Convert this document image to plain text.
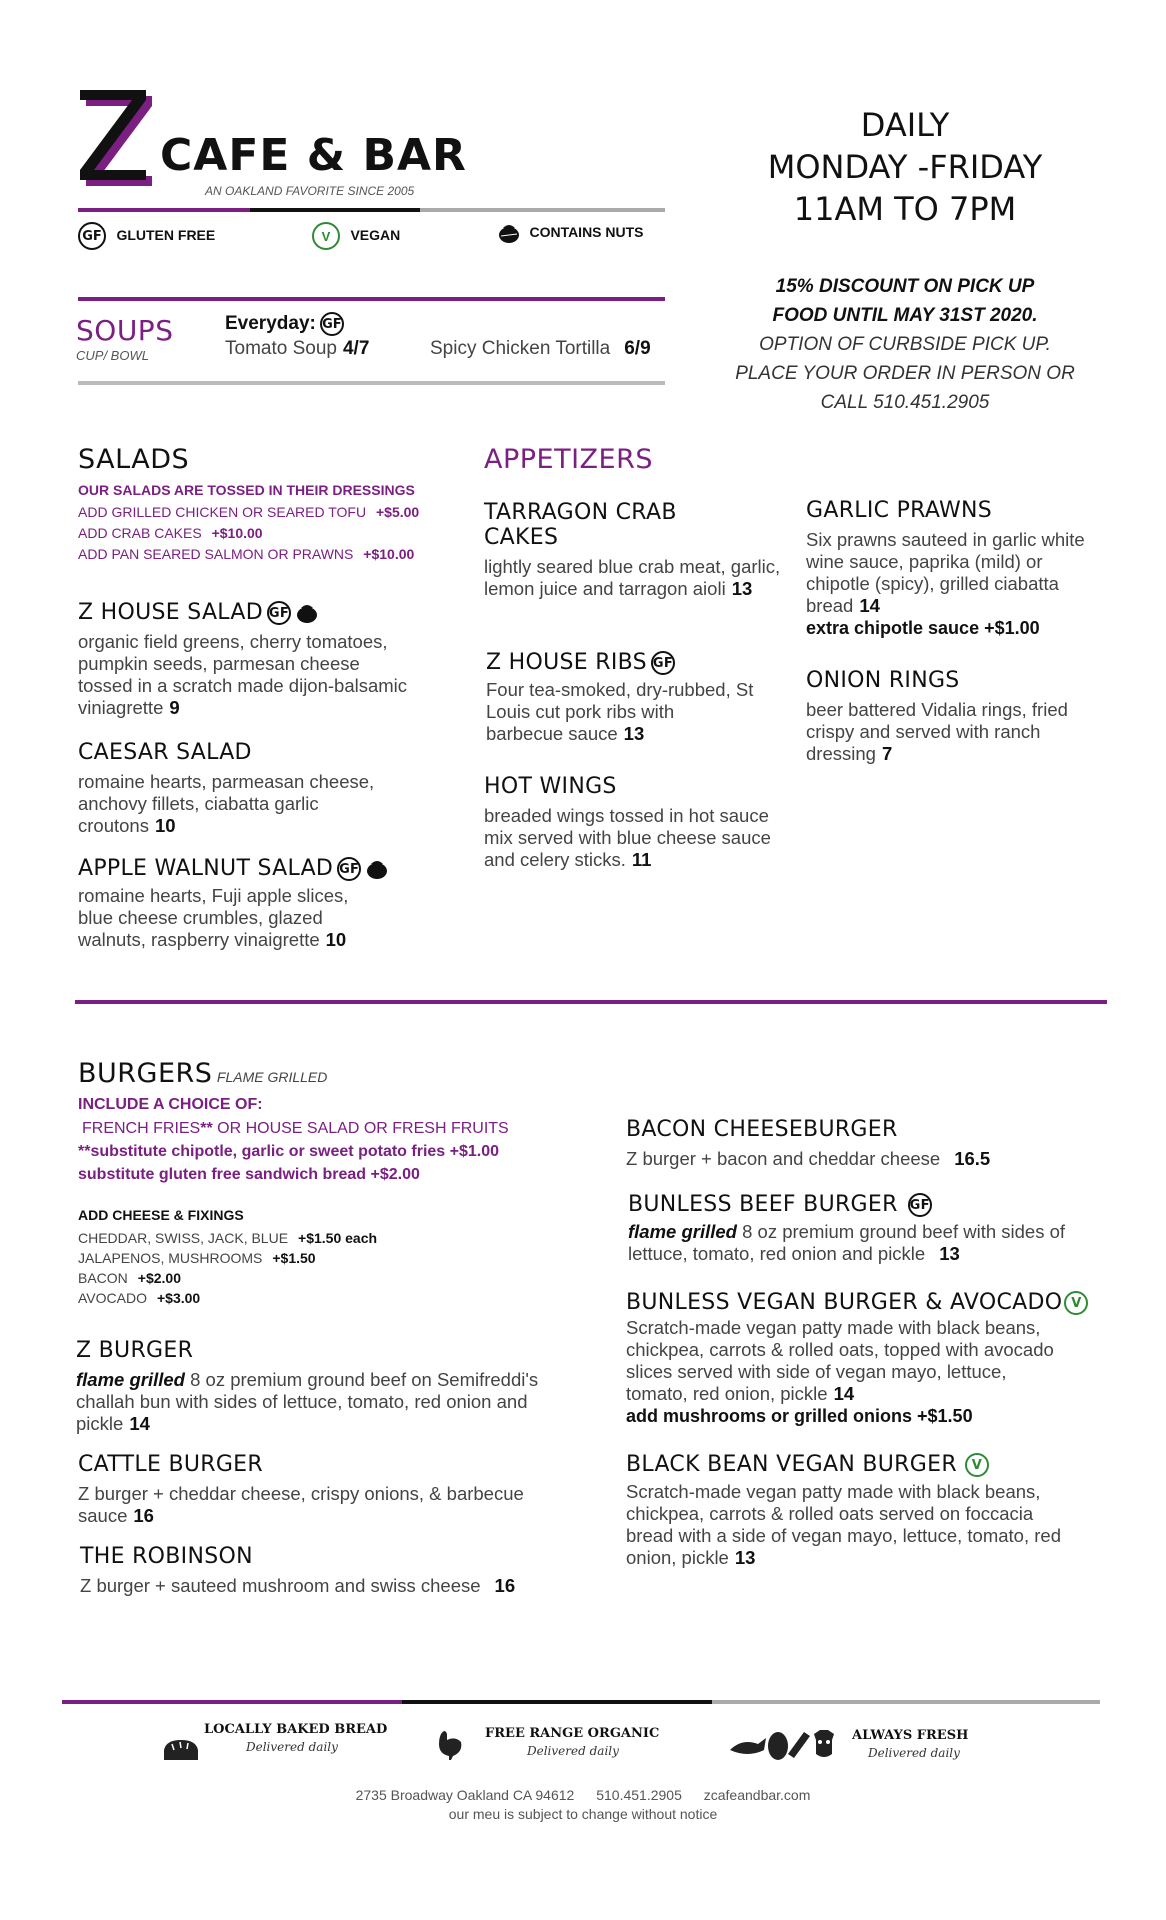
CAFE & BAR
AN OAKLAND FAVORITE SINCE 2005
GF GLUTEN FREE	V VEGAN	CONTAINS NUTS
DAILY
MONDAY -FRIDAY
11AM TO 7PM
15% DISCOUNT ON PICK UP
FOOD UNTIL MAY 31ST 2020.
OPTION OF CURBSIDE PICK UP.
PLACE YOUR ORDER IN PERSON OR
CALL 510.451.2905
SOUPS
CUP/ BOWL
Everyday: GF
Tomato Soup 4/7	Spicy Chicken Tortilla 6/9
SALADS
OUR SALADS ARE TOSSED IN THEIR DRESSINGS
ADD GRILLED CHICKEN OR SEARED TOFU +$5.00
ADD CRAB CAKES +$10.00
ADD PAN SEARED SALMON OR PRAWNS +$10.00
Z HOUSE SALAD GF
organic field greens, cherry tomatoes, pumpkin seeds, parmesan cheese tossed in a scratch made dijon-balsamic viniagrette 9
CAESAR SALAD
romaine hearts, parmeasan cheese, anchovy fillets, ciabatta garlic croutons 10
APPLE WALNUT SALAD GF
romaine hearts, Fuji apple slices, blue cheese crumbles, glazed walnuts, raspberry vinaigrette 10
APPETIZERS
TARRAGON CRAB CAKES
lightly seared blue crab meat, garlic, lemon juice and tarragon aioli 13
Z HOUSE RIBS GF
Four tea-smoked, dry-rubbed, St Louis cut pork ribs with barbecue sauce 13
HOT WINGS
breaded wings tossed in hot sauce mix served with blue cheese sauce and celery sticks. 11
GARLIC PRAWNS
Six prawns sauteed in garlic white wine sauce, paprika (mild) or chipotle (spicy), grilled ciabatta bread 14
extra chipotle sauce +$1.00
ONION RINGS
beer battered Vidalia rings, fried crispy and served with ranch dressing 7
BURGERS FLAME GRILLED
INCLUDE A CHOICE OF:
FRENCH FRIES** OR HOUSE SALAD OR FRESH FRUITS
**substitute chipotle, garlic or sweet potato fries +$1.00
substitute gluten free sandwich bread +$2.00
ADD CHEESE & FIXINGS
CHEDDAR, SWISS, JACK, BLUE +$1.50 each
JALAPENOS, MUSHROOMS +$1.50
BACON +$2.00
AVOCADO +$3.00
Z BURGER
flame grilled 8 oz premium ground beef on Semifreddi's challah bun with sides of lettuce, tomato, red onion and pickle 14
CATTLE BURGER
Z burger + cheddar cheese, crispy onions, & barbecue sauce 16
THE ROBINSON
Z burger + sauteed mushroom and swiss cheese 16
BACON CHEESEBURGER
Z burger + bacon and cheddar cheese 16.5
BUNLESS BEEF BURGER GF
flame grilled 8 oz premium ground beef with sides of lettuce, tomato, red onion and pickle 13
BUNLESS VEGAN BURGER & AVOCADO V
Scratch-made vegan patty made with black beans, chickpea, carrots & rolled oats, topped with avocado slices served with side of vegan mayo, lettuce, tomato, red onion, pickle 14
add mushrooms or grilled onions +$1.50
BLACK BEAN VEGAN BURGER V
Scratch-made vegan patty made with black beans, chickpea, carrots & rolled oats served on foccacia bread with a side of vegan mayo, lettuce, tomato, red onion, pickle 13
LOCALLY BAKED BREAD
Delivered daily
FREE RANGE ORGANIC
Delivered daily
ALWAYS FRESH
Delivered daily
2735 Broadway Oakland CA 94612 510.451.2905 zcafeandbar.com
our meu is subject to change without notice
